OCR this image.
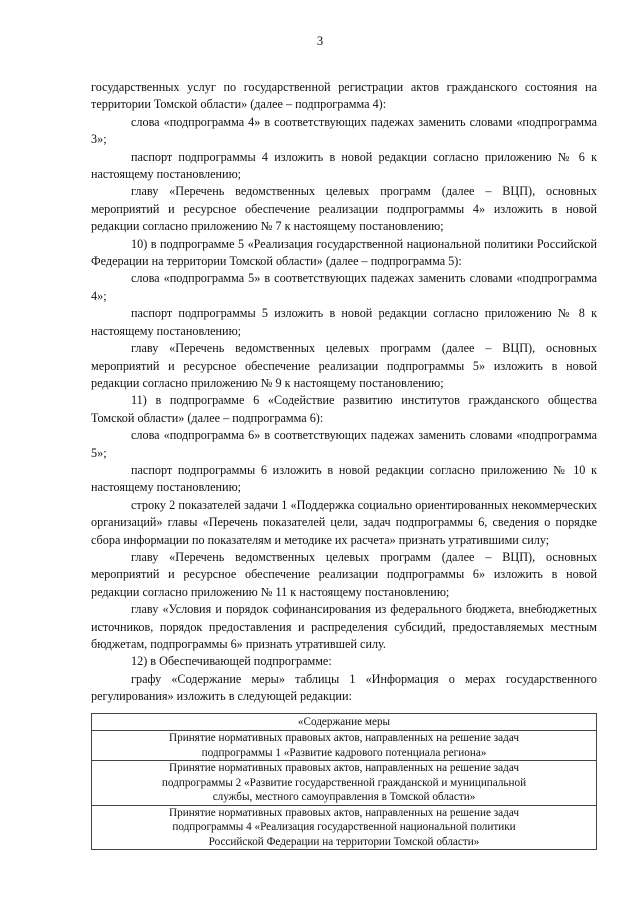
3

государственных услуг по государственной регистрации актов гражданского состояния на территории Томской области» (далее – подпрограмма 4):

слова «подпрограмма 4» в соответствующих падежах заменить словами «подпрограмма 3»;

паспорт подпрограммы 4 изложить в новой редакции согласно приложению № 6 к настоящему постановлению;

главу «Перечень ведомственных целевых программ (далее – ВЦП), основных мероприятий и ресурсное обеспечение реализации подпрограммы 4» изложить в новой редакции согласно приложению № 7 к настоящему постановлению;

10) в подпрограмме 5 «Реализация государственной национальной политики Российской Федерации на территории Томской области» (далее – подпрограмма 5):

слова «подпрограмма 5» в соответствующих падежах заменить словами «подпрограмма 4»;

паспорт подпрограммы 5 изложить в новой редакции согласно приложению № 8 к настоящему постановлению;

главу «Перечень ведомственных целевых программ (далее – ВЦП), основных мероприятий и ресурсное обеспечение реализации подпрограммы 5» изложить в новой редакции согласно приложению № 9 к настоящему постановлению;

11) в подпрограмме 6 «Содействие развитию институтов гражданского общества Томской области» (далее – подпрограмма 6):

слова «подпрограмма 6» в соответствующих падежах заменить словами «подпрограмма 5»;

паспорт подпрограммы 6 изложить в новой редакции согласно приложению № 10 к настоящему постановлению;

строку 2 показателей задачи 1 «Поддержка социально ориентированных некоммерческих организаций» главы «Перечень показателей цели, задач подпрограммы 6, сведения о порядке сбора информации по показателям и методике их расчета» признать утратившими силу;

главу «Перечень ведомственных целевых программ (далее – ВЦП), основных мероприятий и ресурсное обеспечение реализации подпрограммы 6» изложить в новой редакции согласно приложению № 11 к настоящему постановлению;

главу «Условия и порядок софинансирования из федерального бюджета, внебюджетных источников, порядок предоставления и распределения субсидий, предоставляемых местным бюджетам, подпрограммы 6» признать утратившей силу.

12) в Обеспечивающей подпрограмме:

графу «Содержание меры» таблицы 1 «Информация о мерах государственного регулирования» изложить в следующей редакции:

«Содержание меры

Принятие нормативных правовых актов, направленных на решение задач
подпрограммы 1 «Развитие кадрового потенциала региона»

Принятие нормативных правовых актов, направленных на решение задач
подпрограммы 2 «Развитие государственной гражданской и муниципальной
службы, местного самоуправления в Томской области»

Принятие нормативных правовых актов, направленных на решение задач
подпрограммы 4 «Реализация государственной национальной политики
Российской Федерации на территории Томской области»
